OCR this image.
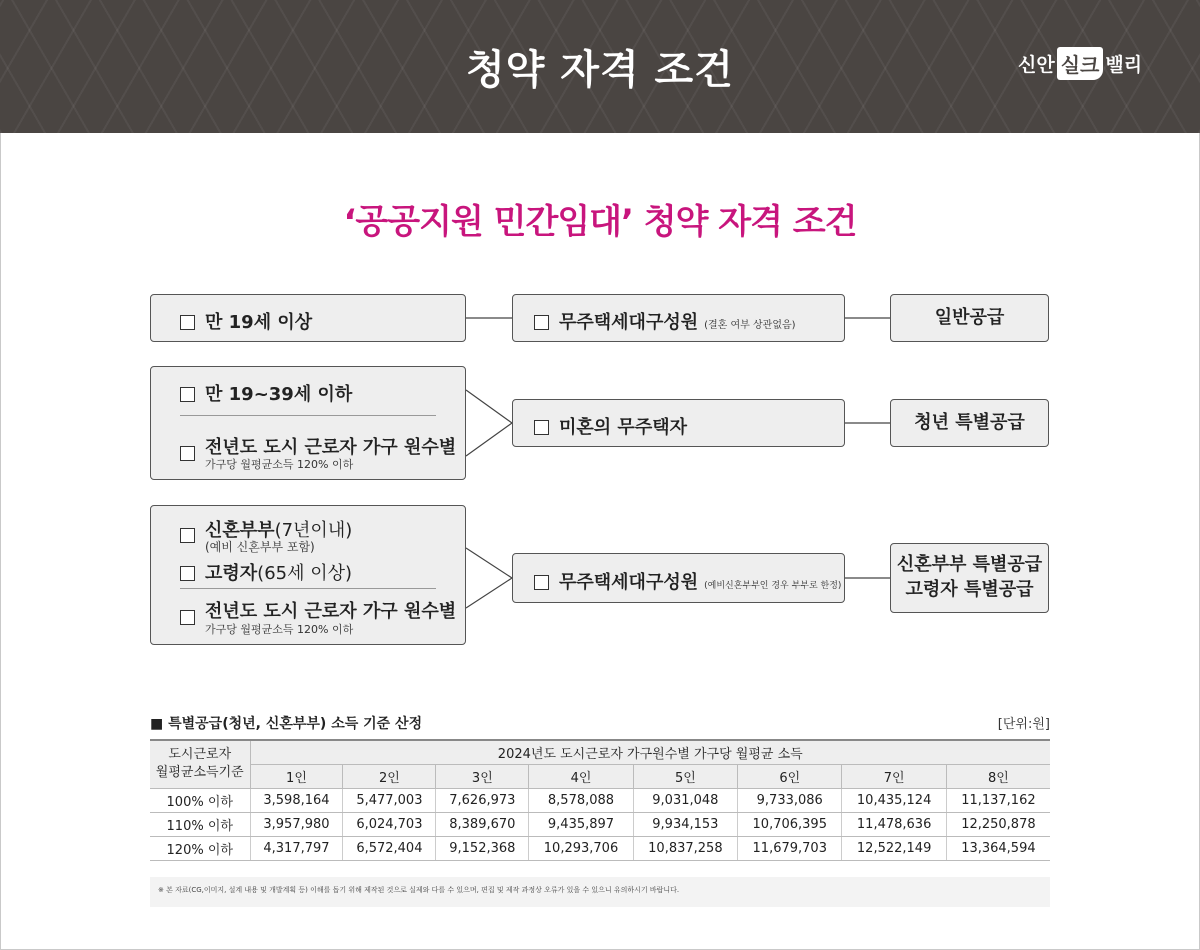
청약 자격 조건	신안 실크 밸리
‘공공지원 민간임대’ 청약 자격 조건
만 19세 이상	무주택세대구성원 (결혼 여부 상관없음)	일반공급
만 19~39세 이하
전년도 도시 근로자 가구 원수별
가구당 월평균소득 120% 이하
미혼의 무주택자	청년 특별공급
신혼부부(7년이내)
(예비 신혼부부 포함)
고령자(65세 이상)
전년도 도시 근로자 가구 원수별
가구당 월평균소득 120% 이하
무주택세대구성원 (예비신혼부부인 경우 부부로 한정)
신혼부부 특별공급
고령자 특별공급
■ 특별공급(청년, 신혼부부) 소득 기준 산정	[단위:원]
도시근로자
월평균소득기준	2024년도 도시근로자 가구원수별 가구당 월평균 소득							
	1인	2인	3인	4인	5인	6인	7인	8인
100% 이하	3,598,164	5,477,003	7,626,973	8,578,088	9,031,048	9,733,086	10,435,124	11,137,162
110% 이하	3,957,980	6,024,703	8,389,670	9,435,897	9,934,153	10,706,395	11,478,636	12,250,878
120% 이하	4,317,797	6,572,404	9,152,368	10,293,706	10,837,258	11,679,703	12,522,149	13,364,594
※ 본 자료(CG,이미지, 설계 내용 및 개발계획 등) 이해를 돕기 위해 제작된 것으로 실제와 다를 수 있으며, 편집 및 제작 과정상 오류가 있을 수 있으니 유의하시기 바랍니다.
